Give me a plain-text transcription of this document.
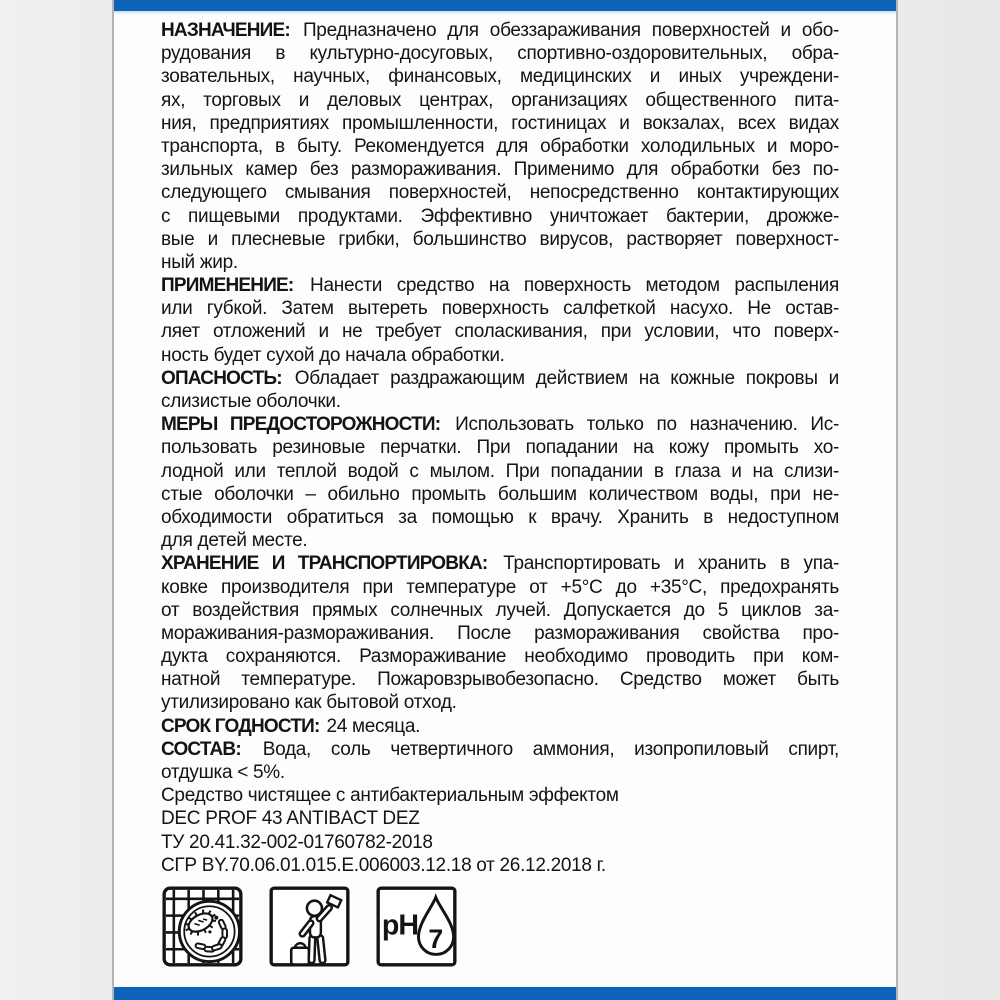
НАЗНАЧЕНИЕ: Предназначено для обеззараживания поверхностей и обо-
рудования в культурно-досуговых, спортивно-оздоровительных, обра-
зовательных, научных, финансовых, медицинских и иных учреждени-
ях, торговых и деловых центрах, организациях общественного пита-
ния, предприятиях промышленности, гостиницах и вокзалах, всех видах
транспорта, в быту. Рекомендуется для обработки холодильных и моро-
зильных камер без размораживания. Применимо для обработки без по-
следующего смывания поверхностей, непосредственно контактирующих
с пищевыми продуктами. Эффективно уничтожает бактерии, дрожже-
вые и плесневые грибки, большинство вирусов, растворяет поверхност-
ный жир.
ПРИМЕНЕНИЕ: Нанести средство на поверхность методом распыления
или губкой. Затем вытереть поверхность салфеткой насухо. Не остав-
ляет отложений и не требует споласкивания, при условии, что поверх-
ность будет сухой до начала обработки.
ОПАСНОСТЬ: Обладает раздражающим действием на кожные покровы и
слизистые оболочки.
МЕРЫ ПРЕДОСТОРОЖНОСТИ: Использовать только по назначению. Ис-
пользовать резиновые перчатки. При попадании на кожу промыть хо-
лодной или теплой водой с мылом. При попадании в глаза и на слизи-
стые оболочки – обильно промыть большим количеством воды, при не-
обходимости обратиться за помощью к врачу. Хранить в недоступном
для детей месте.
ХРАНЕНИЕ И ТРАНСПОРТИРОВКА: Транспортировать и хранить в упа-
ковке производителя при температуре от +5°С до +35°С, предохранять
от воздействия прямых солнечных лучей. Допускается до 5 циклов за-
мораживания-размораживания. После размораживания свойства про-
дукта сохраняются. Размораживание необходимо проводить при ком-
натной температуре. Пожаровзрывобезопасно. Средство может быть
утилизировано как бытовой отход.
СРОК ГОДНОСТИ: 24 месяца.
СОСТАВ: Вода, соль четвертичного аммония, изопропиловый спирт,
отдушка < 5%.
Средство чистящее с антибактериальным эффектом
DEC PROF 43 ANTIBACT DEZ
ТУ 20.41.32-002-01760782-2018
СГР BY.70.06.01.015.Е.006003.12.18 от 26.12.2018 г.
pH 7
